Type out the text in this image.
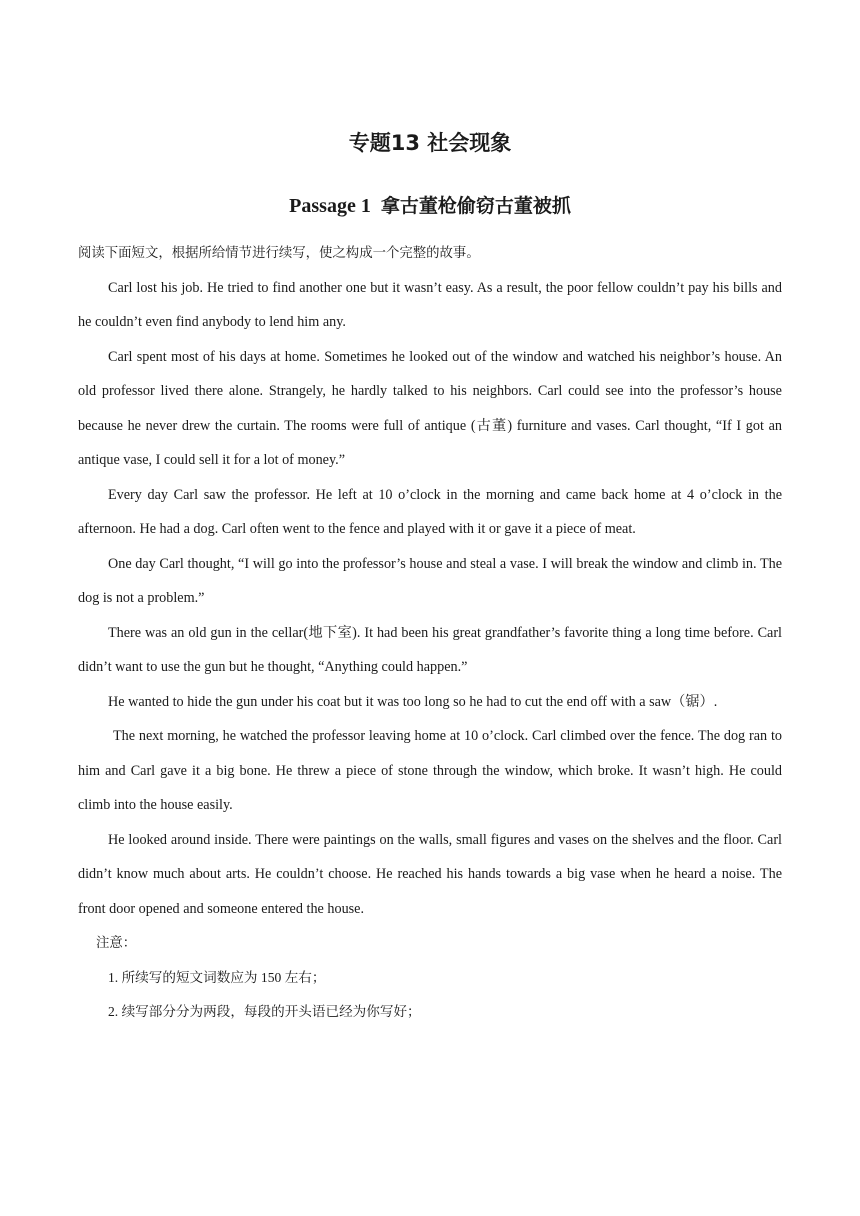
专题13 社会现象
Passage 1 拿古董枪偷窃古董被抓

阅读下面短文，根据所给情节进行续写，使之构成一个完整的故事。

Carl lost his job. He tried to find another one but it wasn’t easy. As a result, the poor fellow couldn’t pay his bills and he couldn’t even find anybody to lend him any.

Carl spent most of his days at home. Sometimes he looked out of the window and watched his neighbor’s house. An old professor lived there alone. Strangely, he hardly talked to his neighbors. Carl could see into the professor’s house because he never drew the curtain. The rooms were full of antique (古董) furniture and vases. Carl thought, “If I got an antique vase, I could sell it for a lot of money.”

Every day Carl saw the professor. He left at 10 o’clock in the morning and came back home at 4 o’clock in the afternoon. He had a dog. Carl often went to the fence and played with it or gave it a piece of meat.

One day Carl thought, “I will go into the professor’s house and steal a vase. I will break the window and climb in. The dog is not a problem.”

There was an old gun in the cellar(地下室). It had been his great grandfather’s favorite thing a long time before. Carl didn’t want to use the gun but he thought, “Anything could happen.”

He wanted to hide the gun under his coat but it was too long so he had to cut the end off with a saw（锯）.

The next morning, he watched the professor leaving home at 10 o’clock. Carl climbed over the fence. The dog ran to him and Carl gave it a big bone. He threw a piece of stone through the window, which broke. It wasn’t high. He could climb into the house easily.

He looked around inside. There were paintings on the walls, small figures and vases on the shelves and the floor. Carl didn’t know much about arts. He couldn’t choose. He reached his hands towards a big vase when he heard a noise. The front door opened and someone entered the house.

注意：

1. 所续写的短文词数应为 150 左右；

2. 续写部分分为两段，每段的开头语已经为你写好；
